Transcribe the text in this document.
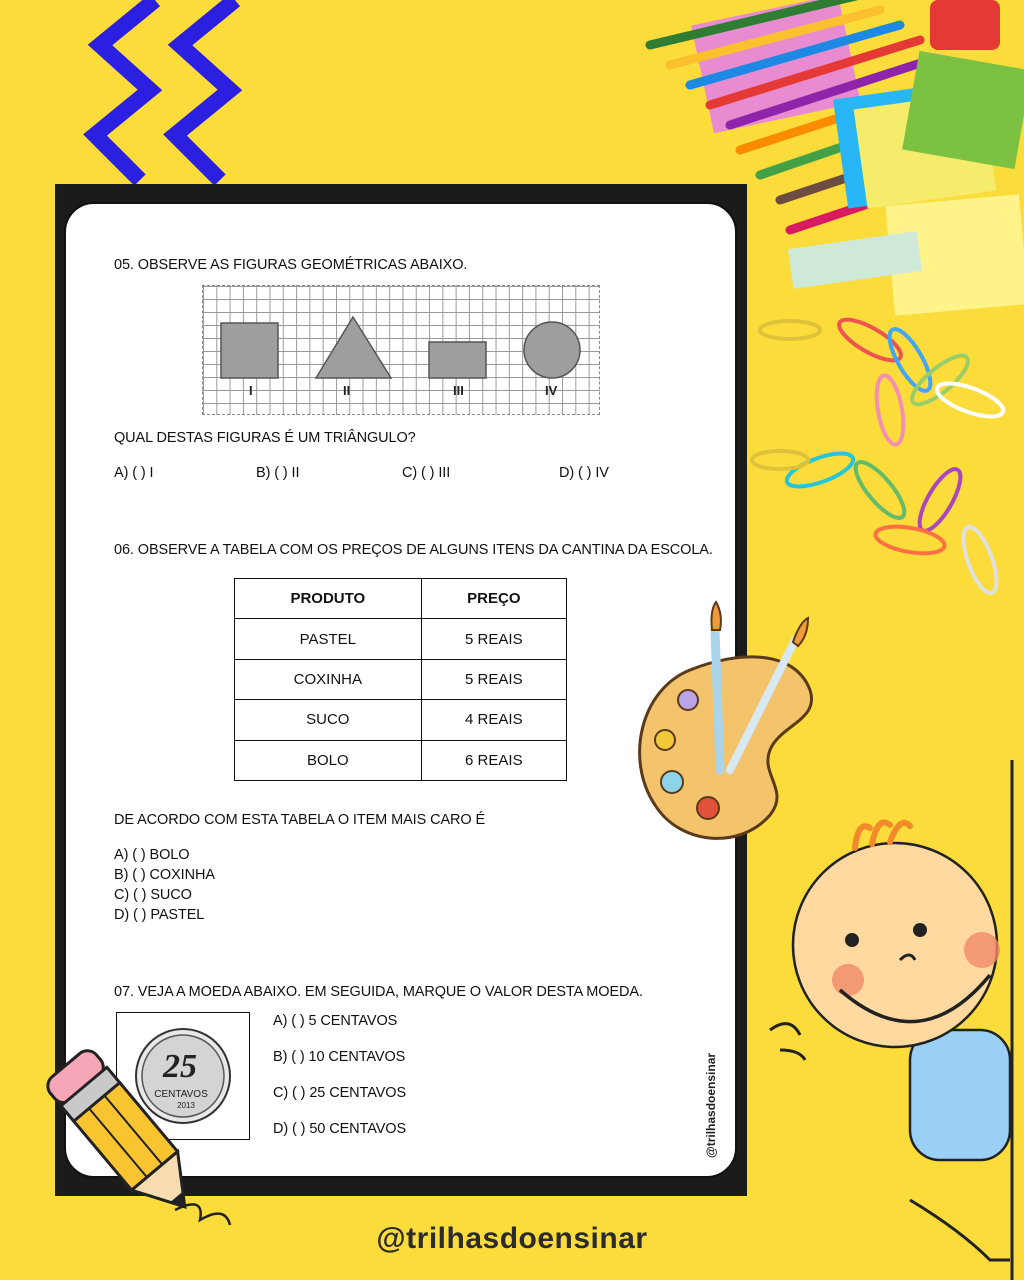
05. OBSERVE AS FIGURAS GEOMÉTRICAS ABAIXO.
I	II	III	IV
QUAL DESTAS FIGURAS É UM TRIÂNGULO?
A) ( ) I	B) ( ) II	C) ( ) III	D) ( ) IV
06. OBSERVE A TABELA COM OS PREÇOS DE ALGUNS ITENS DA CANTINA DA ESCOLA.
PRODUTO	PREÇO
PASTEL	5 REAIS
COXINHA	5 REAIS
SUCO	4 REAIS
BOLO	6 REAIS
DE ACORDO COM ESTA TABELA O ITEM MAIS CARO É
A) ( ) BOLO
B) ( ) COXINHA
C) ( ) SUCO
D) ( ) PASTEL
07. VEJA A MOEDA ABAIXO. EM SEGUIDA, MARQUE O VALOR DESTA MOEDA.
25
CENTAVOS
2013
A) ( ) 5 CENTAVOS
B) ( ) 10 CENTAVOS
C) ( ) 25 CENTAVOS
D) ( ) 50 CENTAVOS	@trilhasdoensinar
@trilhasdoensinar
